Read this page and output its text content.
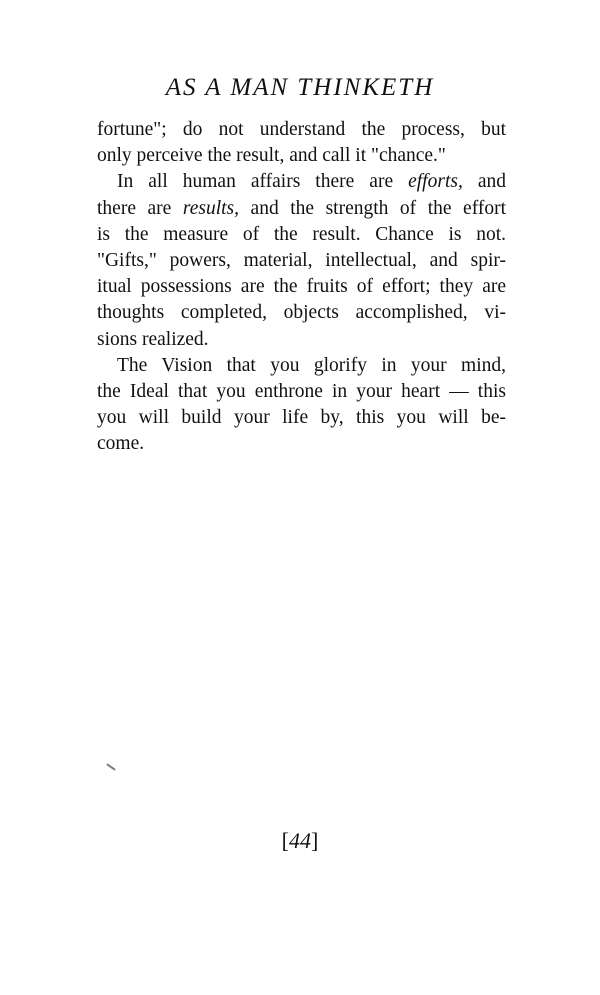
AS A MAN THINKETH

fortune"; do not understand the process, but
only perceive the result, and call it "chance."

In all human affairs there are efforts, and
there are results, and the strength of the effort
is the measure of the result. Chance is not.
"Gifts," powers, material, intellectual, and spir-
itual possessions are the fruits of effort; they are
thoughts completed, objects accomplished, vi-
sions realized.

The Vision that you glorify in your mind,
the Ideal that you enthrone in your heart — this
you will build your life by, this you will be-
come.

[44]
